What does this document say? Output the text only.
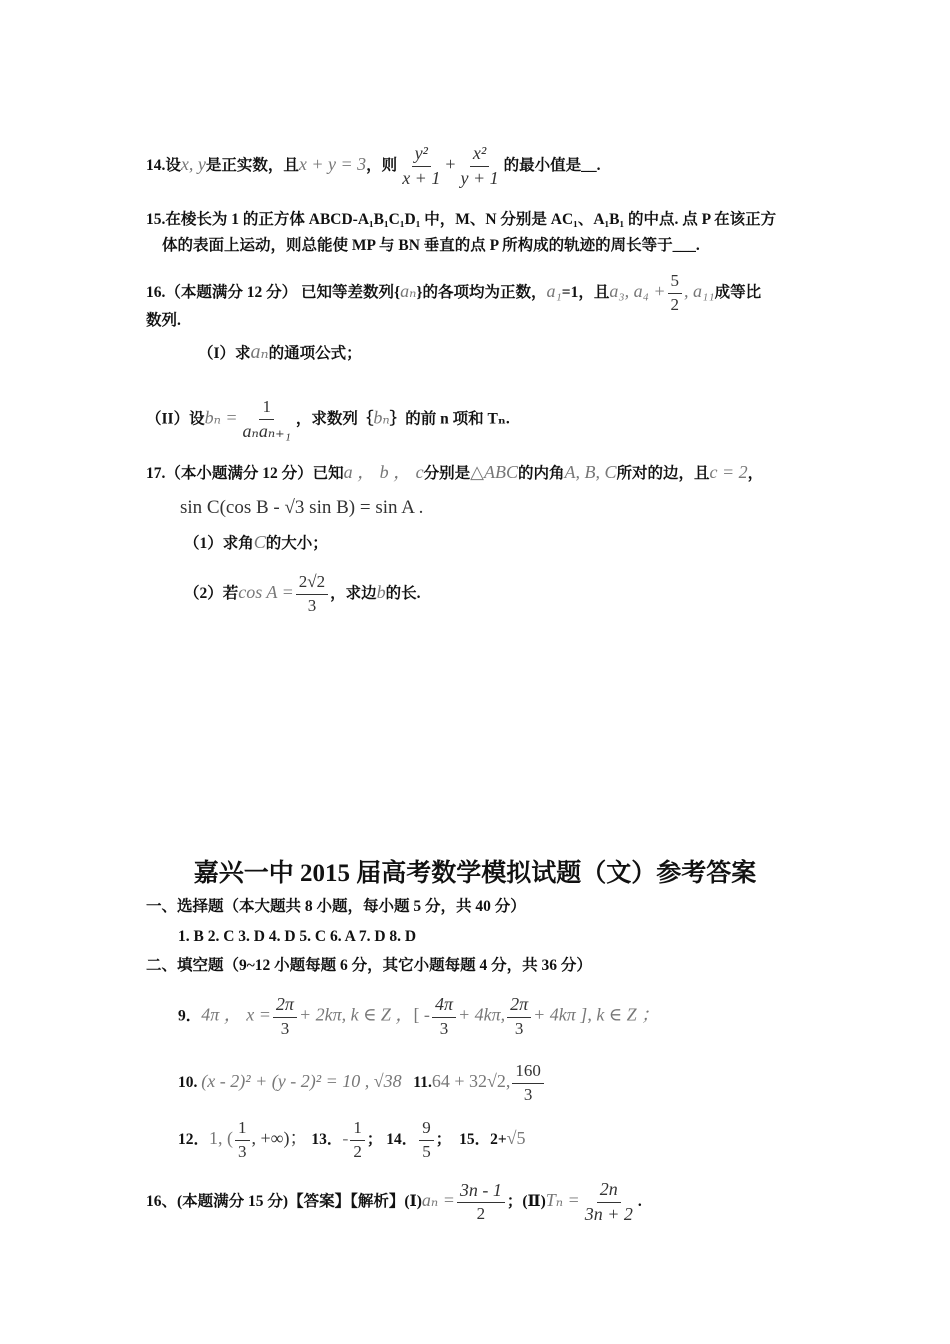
14.设x, y是正实数，且x + y = 3，则 $\frac{\text{y²}}{x + 1} + \frac{\text{x²}}{y + 1}$ 的最小值是__.
15.在棱长为 1 的正方体 ABCD-A₁B₁C₁D₁ 中，M、N 分别是 AC₁、A₁B₁ 的中点. 点 P 在该正方
体的表面上运动，则总能使 MP 与 BN 垂直的点 P 所构成的轨迹的周长等于___.
16.（本题满分 12 分） 已知等差数列{aₙ}的各项均为正数，a₁=1，且a₃, $a_4 + \frac{5}{2}$ , a₁₁成等比
数列.
（I）求aₙ的通项公式；
（II）设$b_n = \frac{1}{\text{aₙaₙ₊₁}}$ ，求数列｛bₙ｝的前 n 项和 Tₙ.
17.（本小题满分 12 分）已知a ， b ， c分别是△ABC的内角A, B, C所对的边，且c = 2，
sin C(cos B - √3 sin B) = sin A .
（1）求角C的大小；
（2）若$\cos A = \frac{2√2}{3}$ ，求边b的长.
嘉兴一中 2015 届高考数学模拟试题（文）参考答案
一、选择题（本大题共 8 小题，每小题 5 分，共 40 分）
1. B 2. C 3. D 4. D 5. C 6. A 7. D 8. D
二、填空题（9~12 小题每题 6 分，其它小题每题 4 分，共 36 分）
9．4π ， $x = \frac{2\pi}{3} + 2k\pi$, k ∈ Z ，[ - $\frac{4\pi}{3} + 4k\pi$, $\frac{2\pi}{3} + 4k\pi$ ], k ∈ Z ；
10. (x - 2)² + (y - 2)² = 10 , √38 11.64 + 32√2, $\frac{160}{3}$
12．1, ( $\frac{1}{3}$ , +∞)； 13．- $\frac{1}{2}$ ； 14． $\frac{9}{5}$ ； 15．2+√5
16、(本题满分 15 分)【答案】【解析】(Ⅰ)aₙ = $\frac{3n - 1}{2}$ ；(Ⅱ)Tₙ = $\frac{2n}{3n + 2}$ .
